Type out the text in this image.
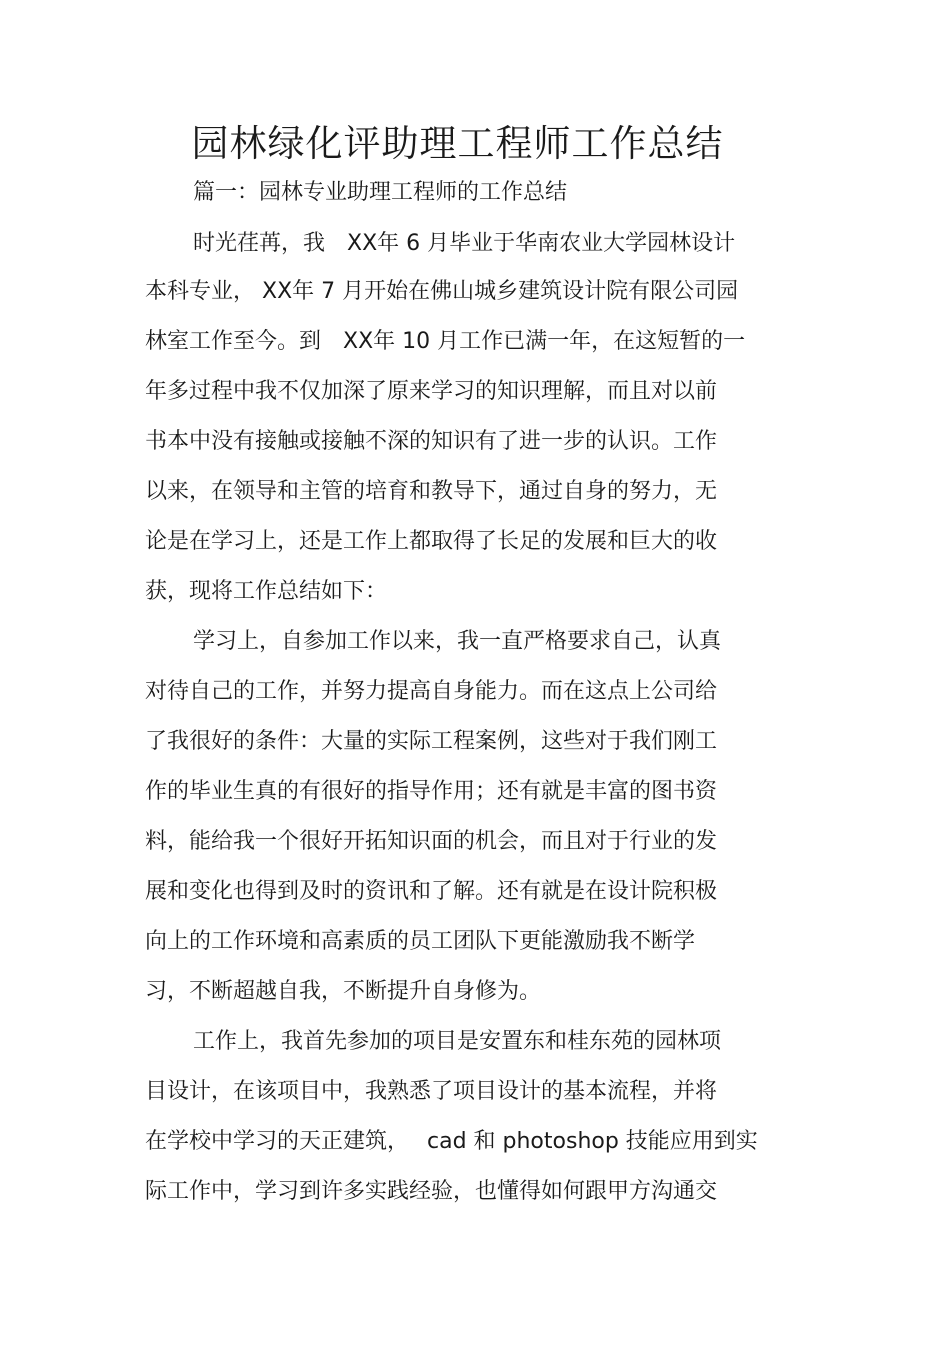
园林绿化评助理工程师工作总结

篇一：园林专业助理工程师的工作总结

时光荏苒，我　XX年 6 月毕业于华南农业大学园林设计

本科专业， XX年 7 月开始在佛山城乡建筑设计院有限公司园

林室工作至今。到　XX年 10 月工作已满一年，在这短暂的一

年多过程中我不仅加深了原来学习的知识理解，而且对以前

书本中没有接触或接触不深的知识有了进一步的认识。工作

以来，在领导和主管的培育和教导下，通过自身的努力，无

论是在学习上，还是工作上都取得了长足的发展和巨大的收

获，现将工作总结如下：

学习上，自参加工作以来，我一直严格要求自己，认真

对待自己的工作，并努力提高自身能力。而在这点上公司给

了我很好的条件：大量的实际工程案例，这些对于我们刚工

作的毕业生真的有很好的指导作用；还有就是丰富的图书资

料，能给我一个很好开拓知识面的机会，而且对于行业的发

展和变化也得到及时的资讯和了解。还有就是在设计院积极

向上的工作环境和高素质的员工团队下更能激励我不断学

习，不断超越自我，不断提升自身修为。

工作上，我首先参加的项目是安置东和桂东苑的园林项

目设计，在该项目中，我熟悉了项目设计的基本流程，并将

在学校中学习的天正建筑，　 cad 和 photoshop 技能应用到实

际工作中，学习到许多实践经验，也懂得如何跟甲方沟通交
